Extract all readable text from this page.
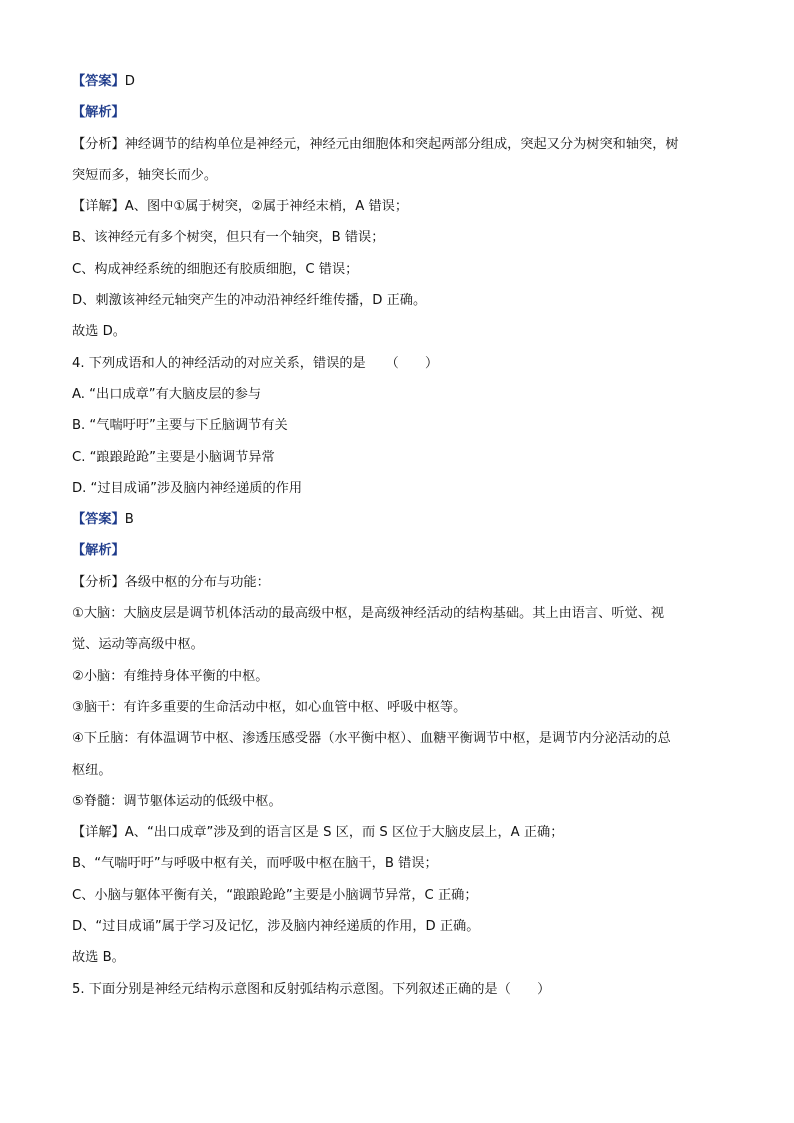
【答案】D
【解析】
【分析】神经调节的结构单位是神经元，神经元由细胞体和突起两部分组成，突起又分为树突和轴突，树
突短而多，轴突长而少。
【详解】A、图中①属于树突，②属于神经末梢，A 错误；
B、该神经元有多个树突，但只有一个轴突，B 错误；
C、构成神经系统的细胞还有胶质细胞，C 错误；
D、刺激该神经元轴突产生的冲动沿神经纤维传播，D 正确。
故选 D。
4. 下列成语和人的神经活动的对应关系，错误的是　　（　　）
A. “出口成章”有大脑皮层的参与
B. “气喘吁吁”主要与下丘脑调节有关
C. “踉踉跄跄”主要是小脑调节异常
D. “过目成诵”涉及脑内神经递质的作用
【答案】B
【解析】
【分析】各级中枢的分布与功能：
①大脑：大脑皮层是调节机体活动的最高级中枢，是高级神经活动的结构基础。其上由语言、听觉、视
觉、运动等高级中枢。
②小脑：有维持身体平衡的中枢。
③脑干：有许多重要的生命活动中枢，如心血管中枢、呼吸中枢等。
④下丘脑：有体温调节中枢、渗透压感受器（水平衡中枢）、血糖平衡调节中枢，是调节内分泌活动的总
枢纽。
⑤脊髓：调节躯体运动的低级中枢。
【详解】A、“出口成章”涉及到的语言区是 S 区，而 S 区位于大脑皮层上，A 正确；
B、“气喘吁吁”与呼吸中枢有关，而呼吸中枢在脑干，B 错误；
C、小脑与躯体平衡有关，“踉踉跄跄”主要是小脑调节异常，C 正确；
D、“过目成诵”属于学习及记忆，涉及脑内神经递质的作用，D 正确。
故选 B。
5. 下面分别是神经元结构示意图和反射弧结构示意图。下列叙述正确的是（　　）
